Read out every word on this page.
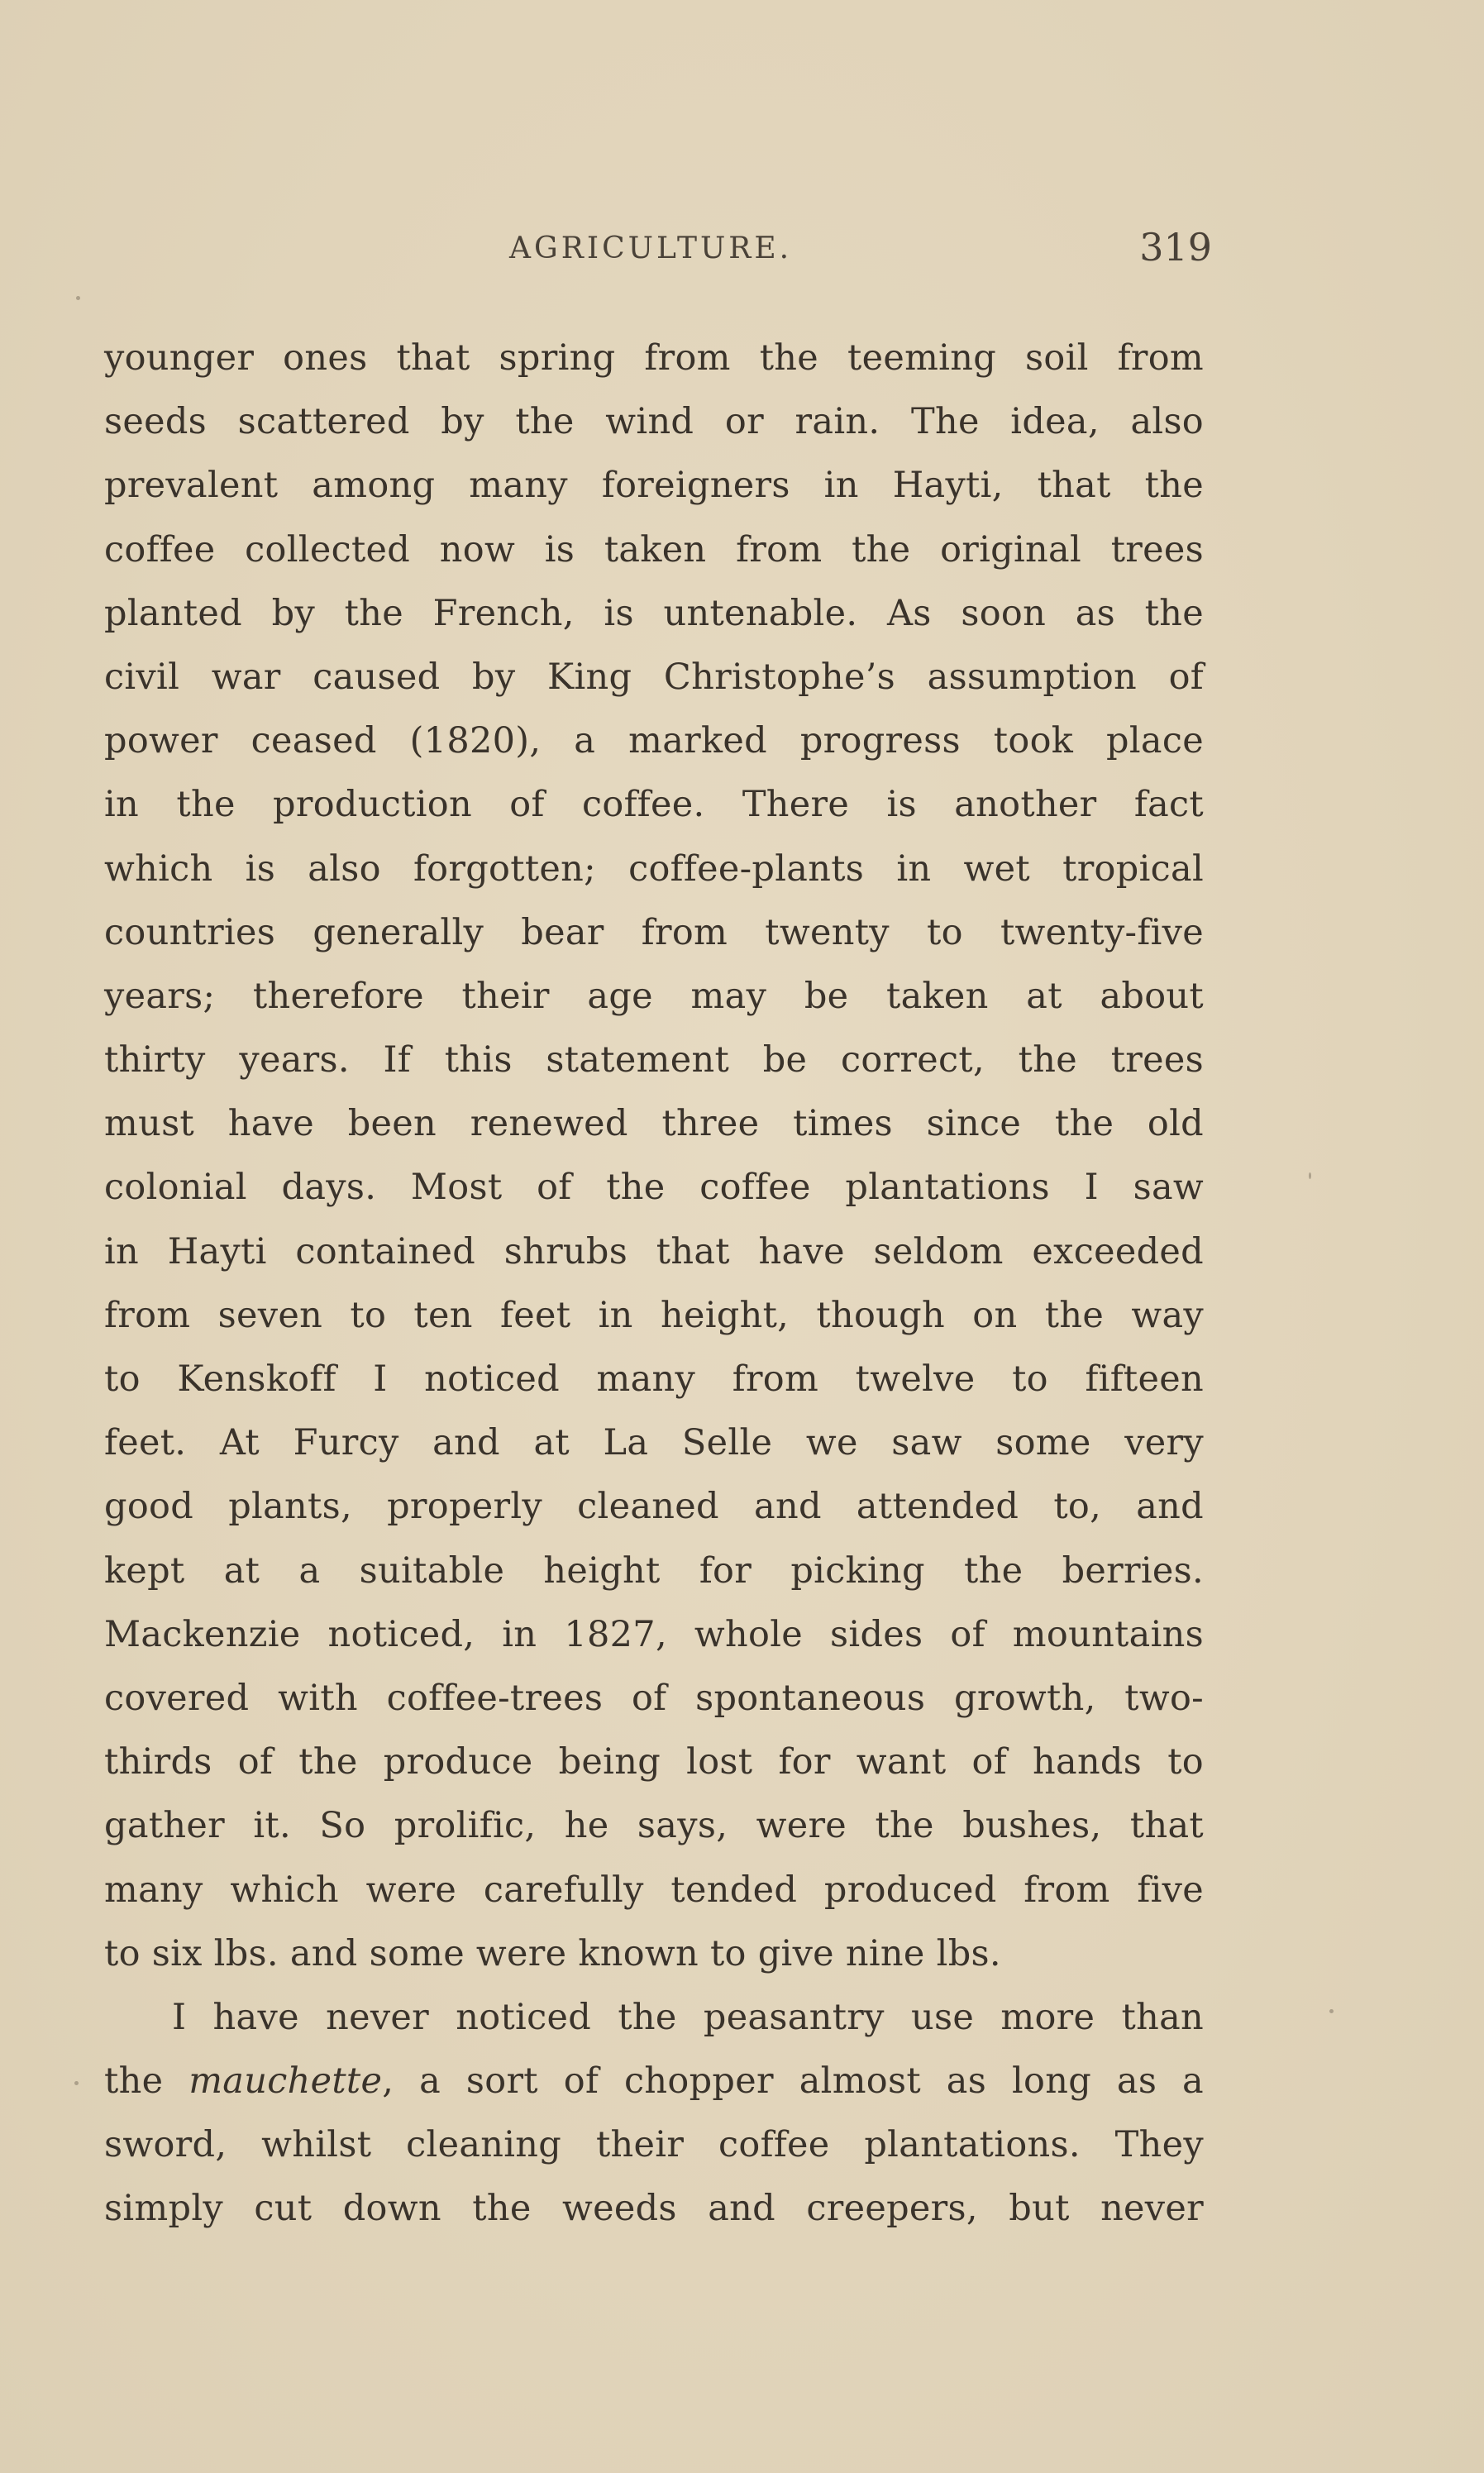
AGRICULTURE.	319
younger ones that spring from the teeming soil from
seeds scattered by the wind or rain. The idea, also
prevalent among many foreigners in Hayti, that the
coffee collected now is taken from the original trees
planted by the French, is untenable. As soon as the
civil war caused by King Christophe’s assumption of
power ceased (1820), a marked progress took place
in the production of coffee. There is another fact
which is also forgotten; coffee-plants in wet tropical
countries generally bear from twenty to twenty-five
years; therefore their age may be taken at about
thirty years. If this statement be correct, the trees
must have been renewed three times since the old
colonial days. Most of the coffee plantations I saw
in Hayti contained shrubs that have seldom exceeded
from seven to ten feet in height, though on the way
to Kenskoff I noticed many from twelve to fifteen
feet. At Furcy and at La Selle we saw some very
good plants, properly cleaned and attended to, and
kept at a suitable height for picking the berries.
Mackenzie noticed, in 1827, whole sides of mountains
covered with coffee-trees of spontaneous growth, two-
thirds of the produce being lost for want of hands to
gather it. So prolific, he says, were the bushes, that
many which were carefully tended produced from five
to six lbs. and some were known to give nine lbs.
I have never noticed the peasantry use more than
the mauchette, a sort of chopper almost as long as a
sword, whilst cleaning their coffee plantations. They
simply cut down the weeds and creepers, but never
